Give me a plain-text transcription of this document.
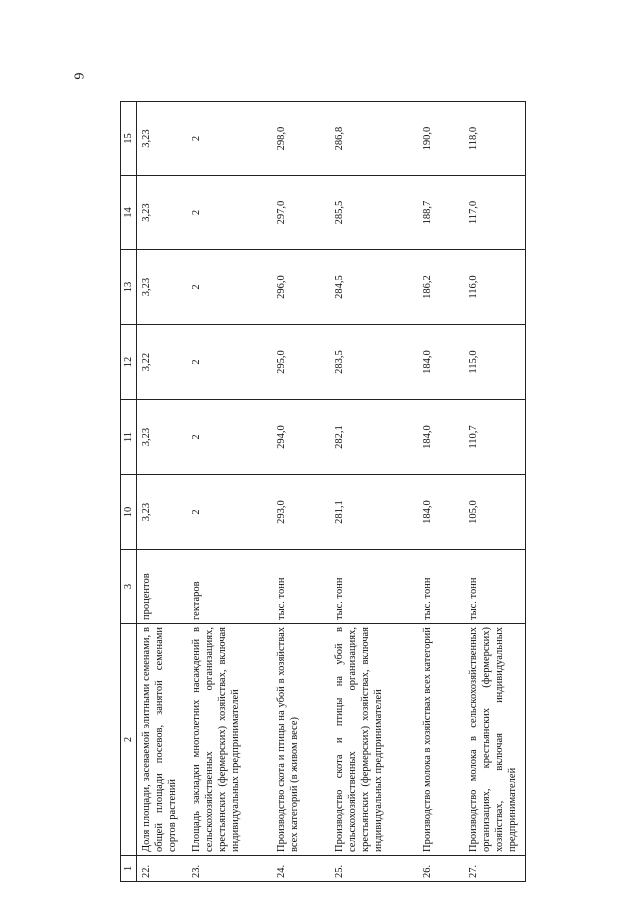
6
1	2	3	10	11	12	13	14	15
22.	Доля площади, засеваемой элитными семенами, в общей площади посевов, занятой семенами сортов растений	процентов	3,23	3,23	3,22	3,23	3,23	3,23
23.	Площадь закладки многолетних насаждений в сельскохозяйственных организациях, крестьянских (фермерских) хозяйствах, включая индивидуальных предпринимателей	гектаров	2	2	2	2	2	2
24.	Производство скота и птицы на убой в хозяйствах всех категорий (в живом весе)	тыс. тонн	293,0	294,0	295,0	296,0	297,0	298,0
25.	Производство скота и птицы на убой в сельскохозяйственных организациях, крестьянских (фермерских) хозяйствах, включая индивидуальных предпринимателей	тыс. тонн	281,1	282,1	283,5	284,5	285,5	286,8
26.	Производство молока в хозяйствах всех категорий	тыс. тонн	184,0	184,0	184,0	186,2	188,7	190,0
27.	Производство молока в сельскохозяйственных организациях, крестьянских (фермерских) хозяйствах, включая индивидуальных предпринимателей	тыс. тонн	105,0	110,7	115,0	116,0	117,0	118,0
